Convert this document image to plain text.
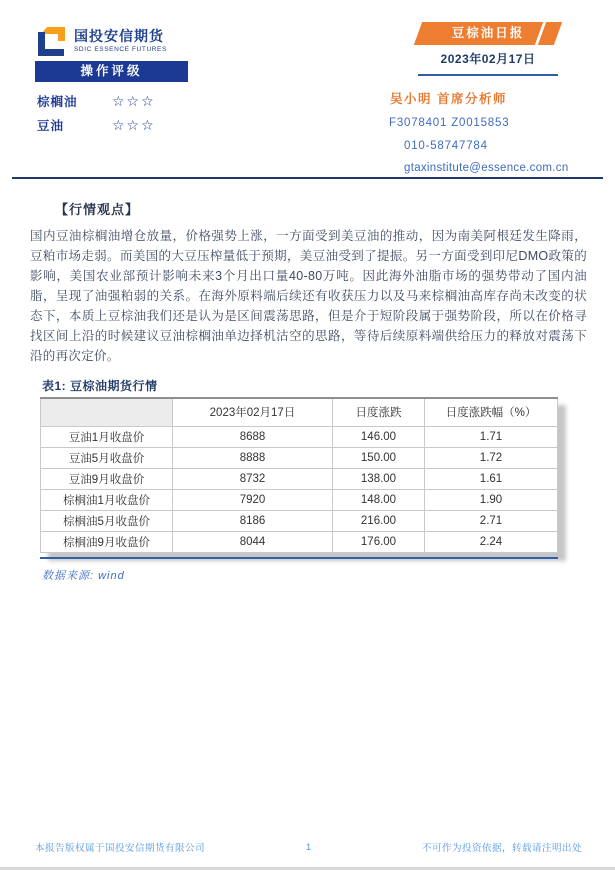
国投安信期货
SDIC ESSENCE FUTURES
操作评级
棕榈油	☆☆☆
豆油	☆☆☆
豆棕油日报
2023年02月17日
吴小明 首席分析师
F3078401 Z0015853
010-58747784
gtaxinstitute@essence.com.cn
【行情观点】
国内豆油棕榈油增仓放量，价格强势上涨，一方面受到美豆油的推动，因为南美阿根廷发生降雨，豆粕市场走弱。而美国的大豆压榨量低于预期，美豆油受到了提振。另一方面受到印尼DMO政策的影响，美国农业部预计影响未来3个月出口量40-80万吨。因此海外油脂市场的强势带动了国内油脂，呈现了油强粕弱的关系。在海外原料端后续还有收获压力以及马来棕榈油高库存尚未改变的状态下，本质上豆棕油我们还是认为是区间震荡思路，但是介于短阶段属于强势阶段，所以在价格寻找区间上沿的时候建议豆油棕榈油单边择机沽空的思路，等待后续原料端供给压力的释放对震荡下沿的再次定价。
表1: 豆棕油期货行情
	2023年02月17日	日度涨跌	日度涨跌幅（%）
豆油1月收盘价	8688	146.00	1.71
豆油5月收盘价	8888	150.00	1.72
豆油9月收盘价	8732	138.00	1.61
棕榈油1月收盘价	7920	148.00	1.90
棕榈油5月收盘价	8186	216.00	2.71
棕榈油9月收盘价	8044	176.00	2.24
数据来源: wind
本报告版权属于国投安信期货有限公司	1	不可作为投资依据，转载请注明出处
